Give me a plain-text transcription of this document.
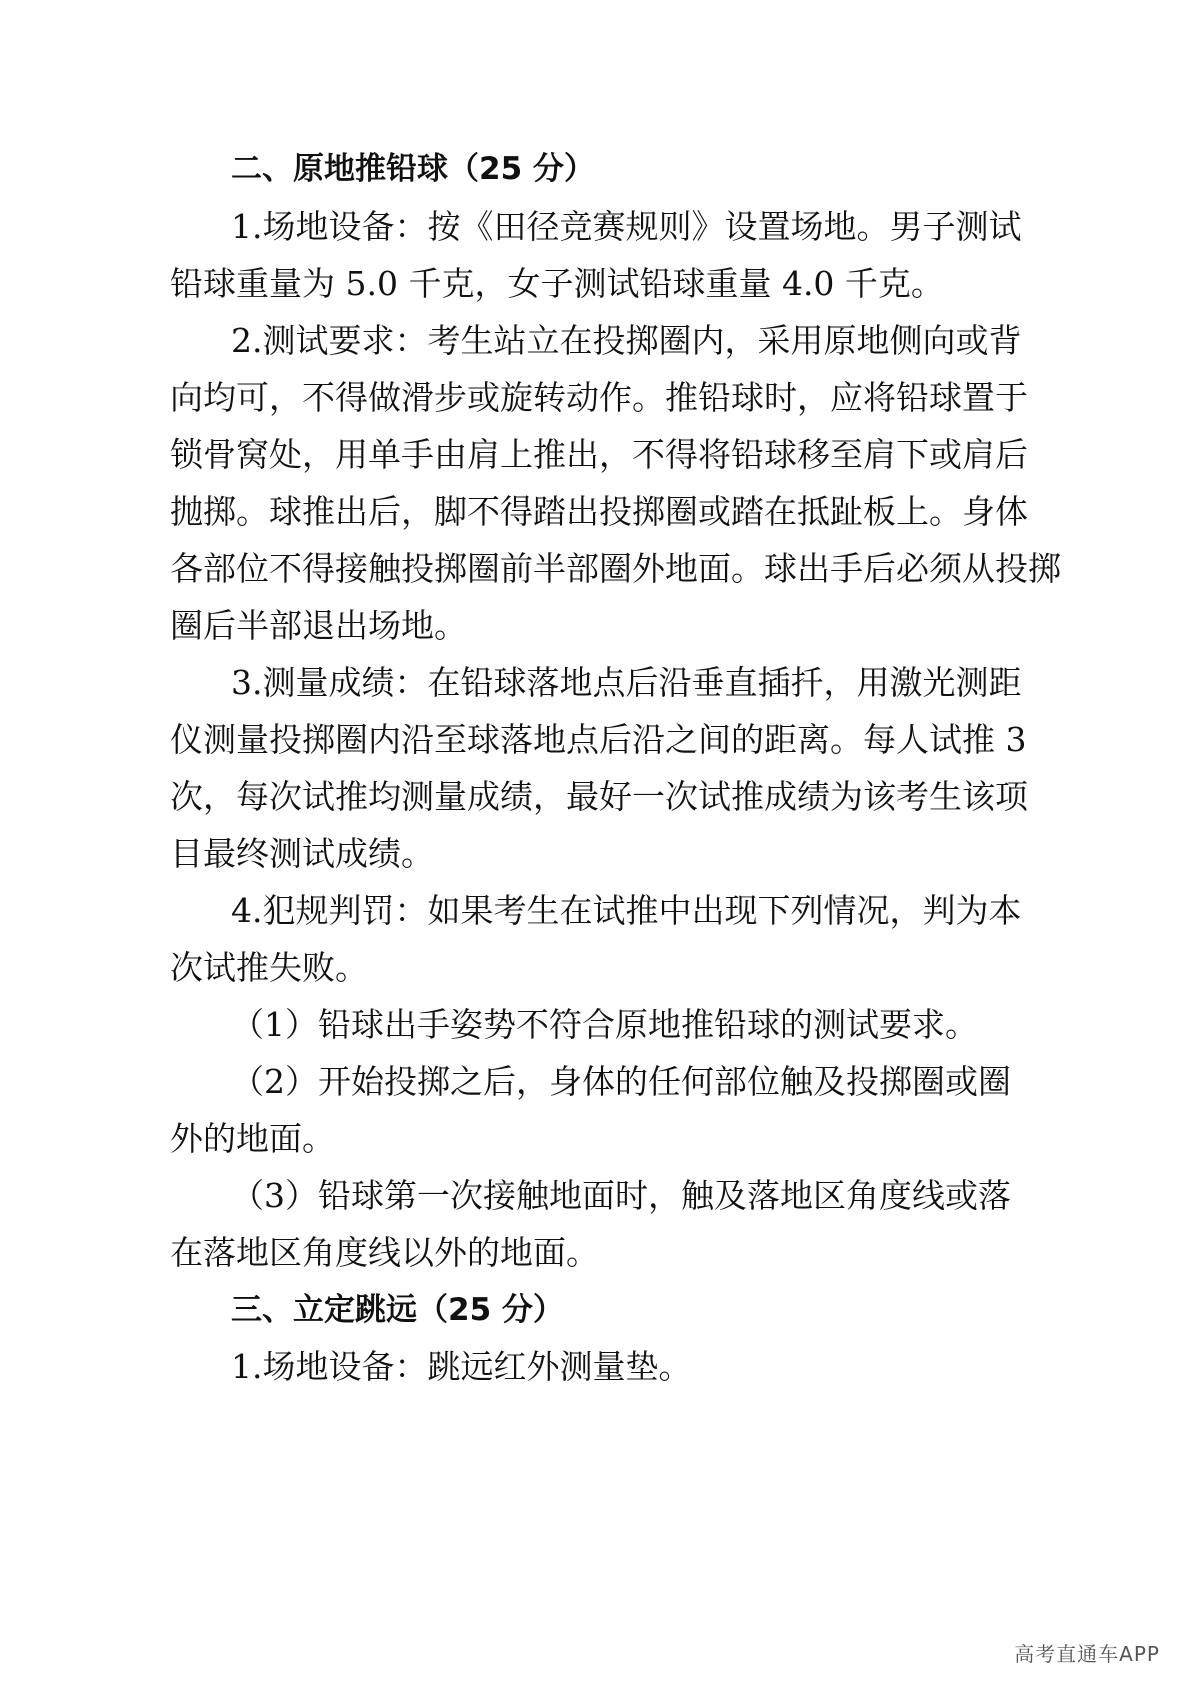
二、原地推铅球（25 分）
1.场地设备：按《田径竞赛规则》设置场地。男子测试
铅球重量为 5.0 千克，女子测试铅球重量 4.0 千克。
2.测试要求：考生站立在投掷圈内，采用原地侧向或背
向均可，不得做滑步或旋转动作。推铅球时，应将铅球置于
锁骨窝处，用单手由肩上推出，不得将铅球移至肩下或肩后
抛掷。球推出后，脚不得踏出投掷圈或踏在抵趾板上。身体
各部位不得接触投掷圈前半部圈外地面。球出手后必须从投掷
圈后半部退出场地。
3.测量成绩：在铅球落地点后沿垂直插扦，用激光测距
仪测量投掷圈内沿至球落地点后沿之间的距离。每人试推 3
次，每次试推均测量成绩，最好一次试推成绩为该考生该项
目最终测试成绩。
4.犯规判罚：如果考生在试推中出现下列情况，判为本
次试推失败。
（1）铅球出手姿势不符合原地推铅球的测试要求。
（2）开始投掷之后，身体的任何部位触及投掷圈或圈
外的地面。
（3）铅球第一次接触地面时，触及落地区角度线或落
在落地区角度线以外的地面。
三、立定跳远（25 分）
1.场地设备：跳远红外测量垫。
高考直通车APP
